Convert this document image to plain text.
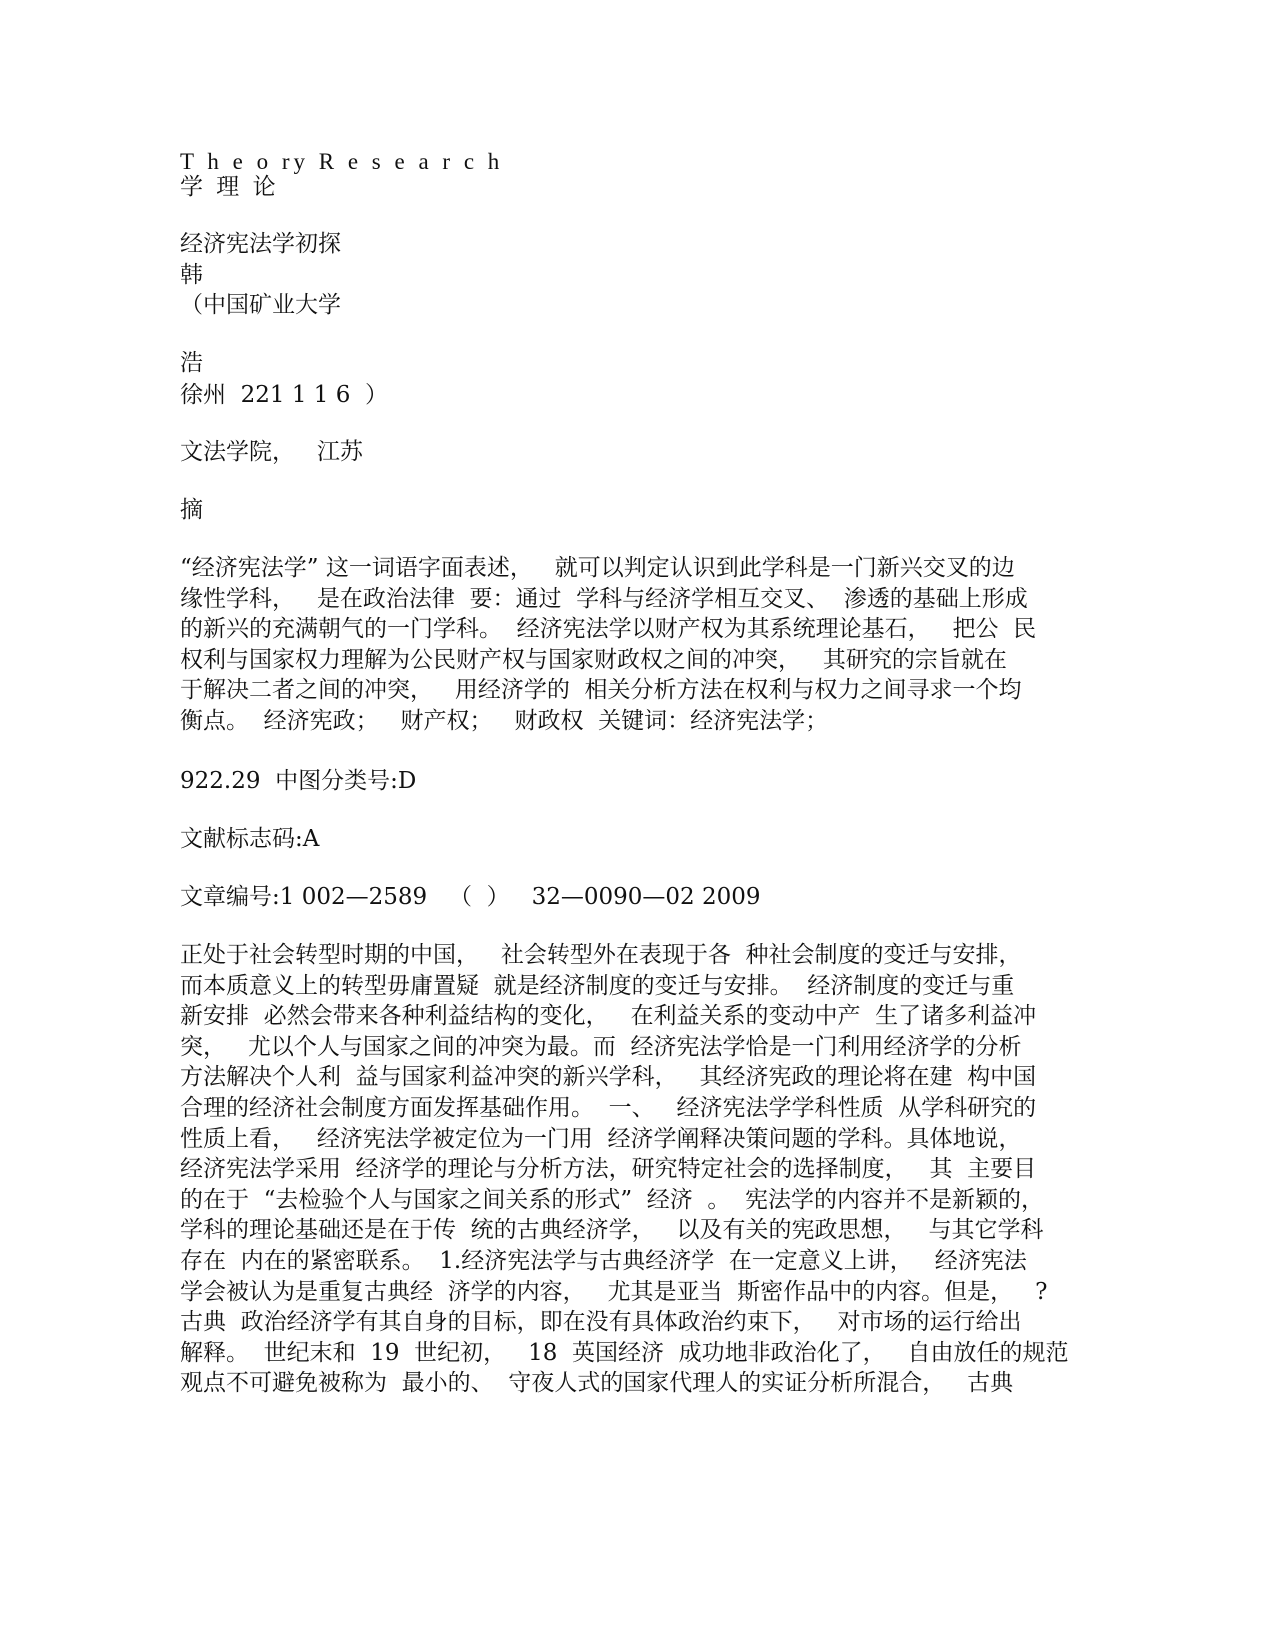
T h e o ry R e s e a r c h
学 理 论
经济宪法学初探
韩
（中国矿业大学
浩
徐州  221 1 1 6  ）
文法学院，   江苏
摘
“经济宪法学” 这一词语字面表述，   就可以判定认识到此学科是一门新兴交叉的边
缘性学科，   是在政治法律  要：通过  学科与经济学相互交叉、  渗透的基础上形成
的新兴的充满朝气的一门学科。  经济宪法学以财产权为其系统理论基石，   把公  民
权利与国家权力理解为公民财产权与国家财政权之间的冲突，   其研究的宗旨就在
于解决二者之间的冲突，   用经济学的  相关分析方法在权利与权力之间寻求一个均
衡点。  经济宪政；   财产权；   财政权  关键词：经济宪法学；
922.29  中图分类号:D
文献标志码:A
文章编号:1 002—2589   （  ）   32—0090—02 2009
正处于社会转型时期的中国，   社会转型外在表现于各  种社会制度的变迁与安排，
而本质意义上的转型毋庸置疑  就是经济制度的变迁与安排。  经济制度的变迁与重
新安排  必然会带来各种利益结构的变化，   在利益关系的变动中产  生了诸多利益冲
突，   尤以个人与国家之间的冲突为最。而  经济宪法学恰是一门利用经济学的分析
方法解决个人利  益与国家利益冲突的新兴学科，   其经济宪政的理论将在建  构中国
合理的经济社会制度方面发挥基础作用。  一、   经济宪法学学科性质  从学科研究的
性质上看，   经济宪法学被定位为一门用  经济学阐释决策问题的学科。具体地说，
经济宪法学采用  经济学的理论与分析方法，研究特定社会的选择制度，   其  主要目
的在于  “去检验个人与国家之间关系的形式”  经济  。  宪法学的内容并不是新颖的，
学科的理论基础还是在于传  统的古典经济学，   以及有关的宪政思想，   与其它学科
存在  内在的紧密联系。  1.经济宪法学与古典经济学  在一定意义上讲，   经济宪法
学会被认为是重复古典经  济学的内容，   尤其是亚当  斯密作品中的内容。但是，   ?
古典  政治经济学有其自身的目标，即在没有具体政治约束下，   对市场的运行给出
解释。  世纪末和  19  世纪初，   18  英国经济  成功地非政治化了，   自由放任的规范
观点不可避免被称为  最小的、  守夜人式的国家代理人的实证分析所混合，   古典
